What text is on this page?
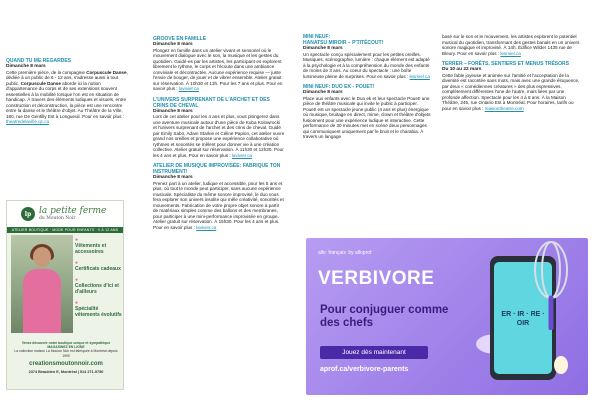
QUAND TU ME REGARDES

Dimanche 8 mars

Cette première pièce, de la compagnie Corpuscule Danse, dédiée à un public de 6 - 12 ans, s'adresse aussi à tout public. Corpuscule Danse aborde ici la notion d'appartenance du corps et de ses extensions souvent essentielles à la mobilité lorsque l'on est en situation de handicap. À travers des éléments ludiques et visuels, entre construction et déconstruction, la pièce est une rencontre entre la danse et le théâtre d'objet. Au Théâtre de la Ville, 180, rue De Gentilly Est à Longueuil. Pour en savoir plus : theatredelaville.qc.ca

lp la petite ferme
du Mouton Noir
ATELIER BOUTIQUE · MODE POUR ENFANTS · 0 À 12 ANS
●
Vêtements et accessoires
●
Certificats cadeaux
●
Collections d'ici et d'ailleurs
●
Spécialité vêtements évolutifs
Venez découvrir notre boutique unique et sympathique
MAGASINEZ EN LIGNE
La collection maison La Mouton Noir est fabriquée à Montréal depuis 1999
creationsmoutonnoir.com
2374 Beaubien E, Montréal | 514 271-9750

GROOVE EN FAMILLE

Dimanche 8 mars

Plongez en famille dans un atelier vivant et sensoriel où le mouvement dialogue avec le son, la musique et les gestes du quotidien. Guidé·es par les artistes, les participant·es explorent librement le rythme, le corps et l'écoute dans une ambiance conviviale et décontractée. Aucune expérience requise — juste l'envie de bouger, de jouer et de vibrer ensemble. Atelier gratuit sur réservation. À 10h30 et 13h. Pour les 7 ans et plus. Pour en savoir plus : lavivier.ca

L'UNIVERS SURPRENANT DE L'ARCHET ET DES CRINS DE CHEVAL

Dimanche 8 mars

Lors de cet atelier pour les 4 ans et plus, vous plongerez dans une aventure musicale autour d'une pièce de Kuba Kolowrocki et l'univers surprenant de l'archet et des crins de cheval. Guidé par Emily Sabo, Adam Starkie et Céline Papion, cet atelier ouvre grand nos oreilles et propose une expérience collaborative où rythmes et sonorités se mêlent pour donner vie à une création collective. Atelier gratuit sur réservation. À 11h30 et 12h30. Pour les 4 ans et plus. Pour en savoir plus : lavivier.ca

ATELIER DE MUSIQUE IMPROVISÉE: FABRIQUE TON INSTRUMENT!

Dimanche 8 mars

Prenez part à un atelier, ludique et accessible, pour les 5 ans et plus, où tout le monde peut participer, sans aucune expérience musicale. Spécialiste du même sonore improvisé, le duo vous fera explorer son univers insolite qui mêle créativité, sonorités et mouvements. Fabrication de votre propre objet sonore à partir de matériaux simples comme des ballons et des membranes, pour participer à une mini-performance improvisée en groupe. Atelier gratuit sur réservation. À 15h30. Pour les 4 ans et plus. Pour en savoir plus : lavivier.ca

MINI NEUF:

HANATSU MIROIR – P'TITÉCOUT!

Dimanche 8 mars

Un spectacle conçu spécialement pour les petites oreilles. Musiques, scénographie, lumière : chaque élément est adapté à la psychologie et à la compréhension du monde des enfants de moins de 3 ans. Au coeur du spectacle : une boîte lumineuse pleine de surprises. Pour en savoir plus : lesmiel.ca

MINI NEUF: DUO EK - POUET!

Dimanche 8 mars

Place aux enfants avec le Duo ek et leur spectacle Pouet! une pièce de théâtre musicale qui invite le public à participer. Pouet! est un spectacle jeune public (4 ans et plus) énergique où musique, bruitage en direct, mime, clown et théâtre d'objets fusionnent pour une expérience ludique et interactive. Cette performance de 30 minutes met en scène deux personnages qui communiquent uniquement par le bruit et le charabia. À travers un langage

basé sur le son et le mouvement, les artistes explorent le potentiel musical du quotidien, transformant des gestes banals en un univers sonore magique et improvisé. À 14h. Édifice Wilder 1435 rue de Bleury. Pour en savoir plus : lesmiel.ca

TERRER – FORÊTS, SENTIERS ET MENUS TRÉSORS

Du 10 au 22 mars

Cette fable joyeuse et animée sur l'amitié et l'acceptation de la diversité est racontée sans mots, mais avec une grande éloquence, par deux « comédiennes créatures » des plus expressives, complètement différentes l'une de l'autre, mais liées par une profonde affection. Spectacle pour les 4 à 8 ans. À la Maison Théâtre, 245, rue Ontario Est à Montréal. Pour horaires, tarifs ou pour en savoir plus : maisontheatre.com

allo français by alloprof
VERBIVORE
Pour conjuguer comme des chefs
Jouez dès maintenant
aprof.ca/verbivore-parents
ER · IR · RE · OIR
